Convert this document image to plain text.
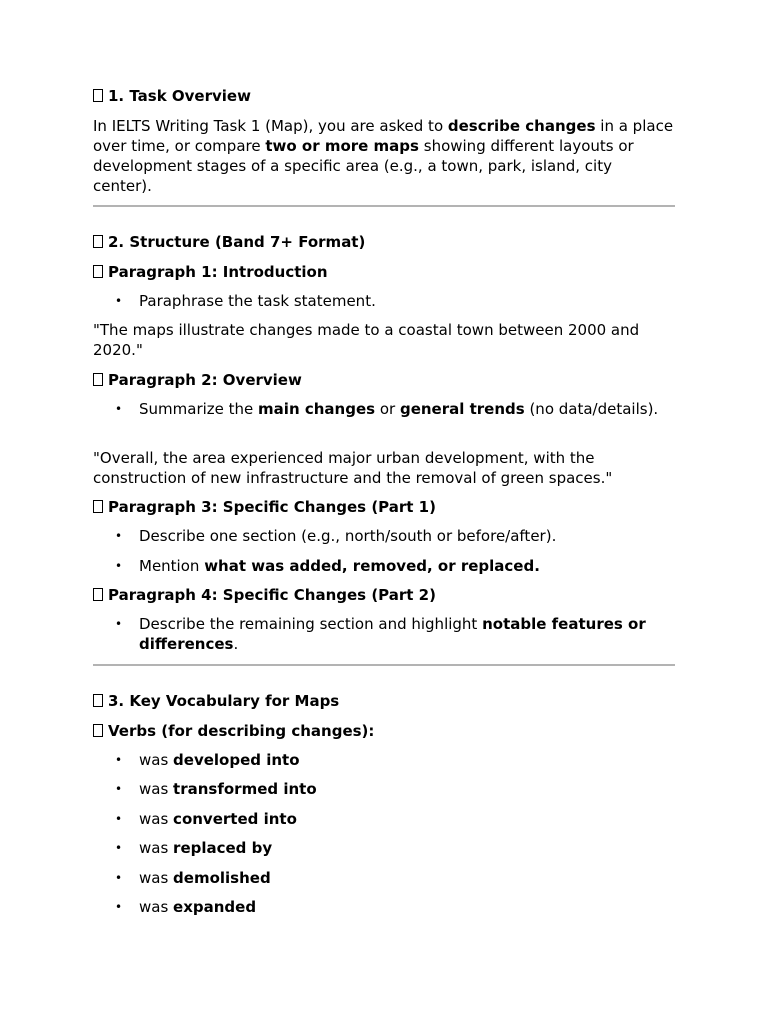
1. Task Overview

In IELTS Writing Task 1 (Map), you are asked to describe changes in a place over time, or compare two or more maps showing different layouts or development stages of a specific area (e.g., a town, park, island, city center).

2. Structure (Band 7+ Format)

Paragraph 1: Introduction

• Paraphrase the task statement.

"The maps illustrate changes made to a coastal town between 2000 and 2020."

Paragraph 2: Overview

• Summarize the main changes or general trends (no data/details).

"Overall, the area experienced major urban development, with the construction of new infrastructure and the removal of green spaces."

Paragraph 3: Specific Changes (Part 1)

• Describe one section (e.g., north/south or before/after).

• Mention what was added, removed, or replaced.

Paragraph 4: Specific Changes (Part 2)

• Describe the remaining section and highlight notable features or differences.

3. Key Vocabulary for Maps

Verbs (for describing changes):

• was developed into

• was transformed into

• was converted into

• was replaced by

• was demolished

• was expanded
